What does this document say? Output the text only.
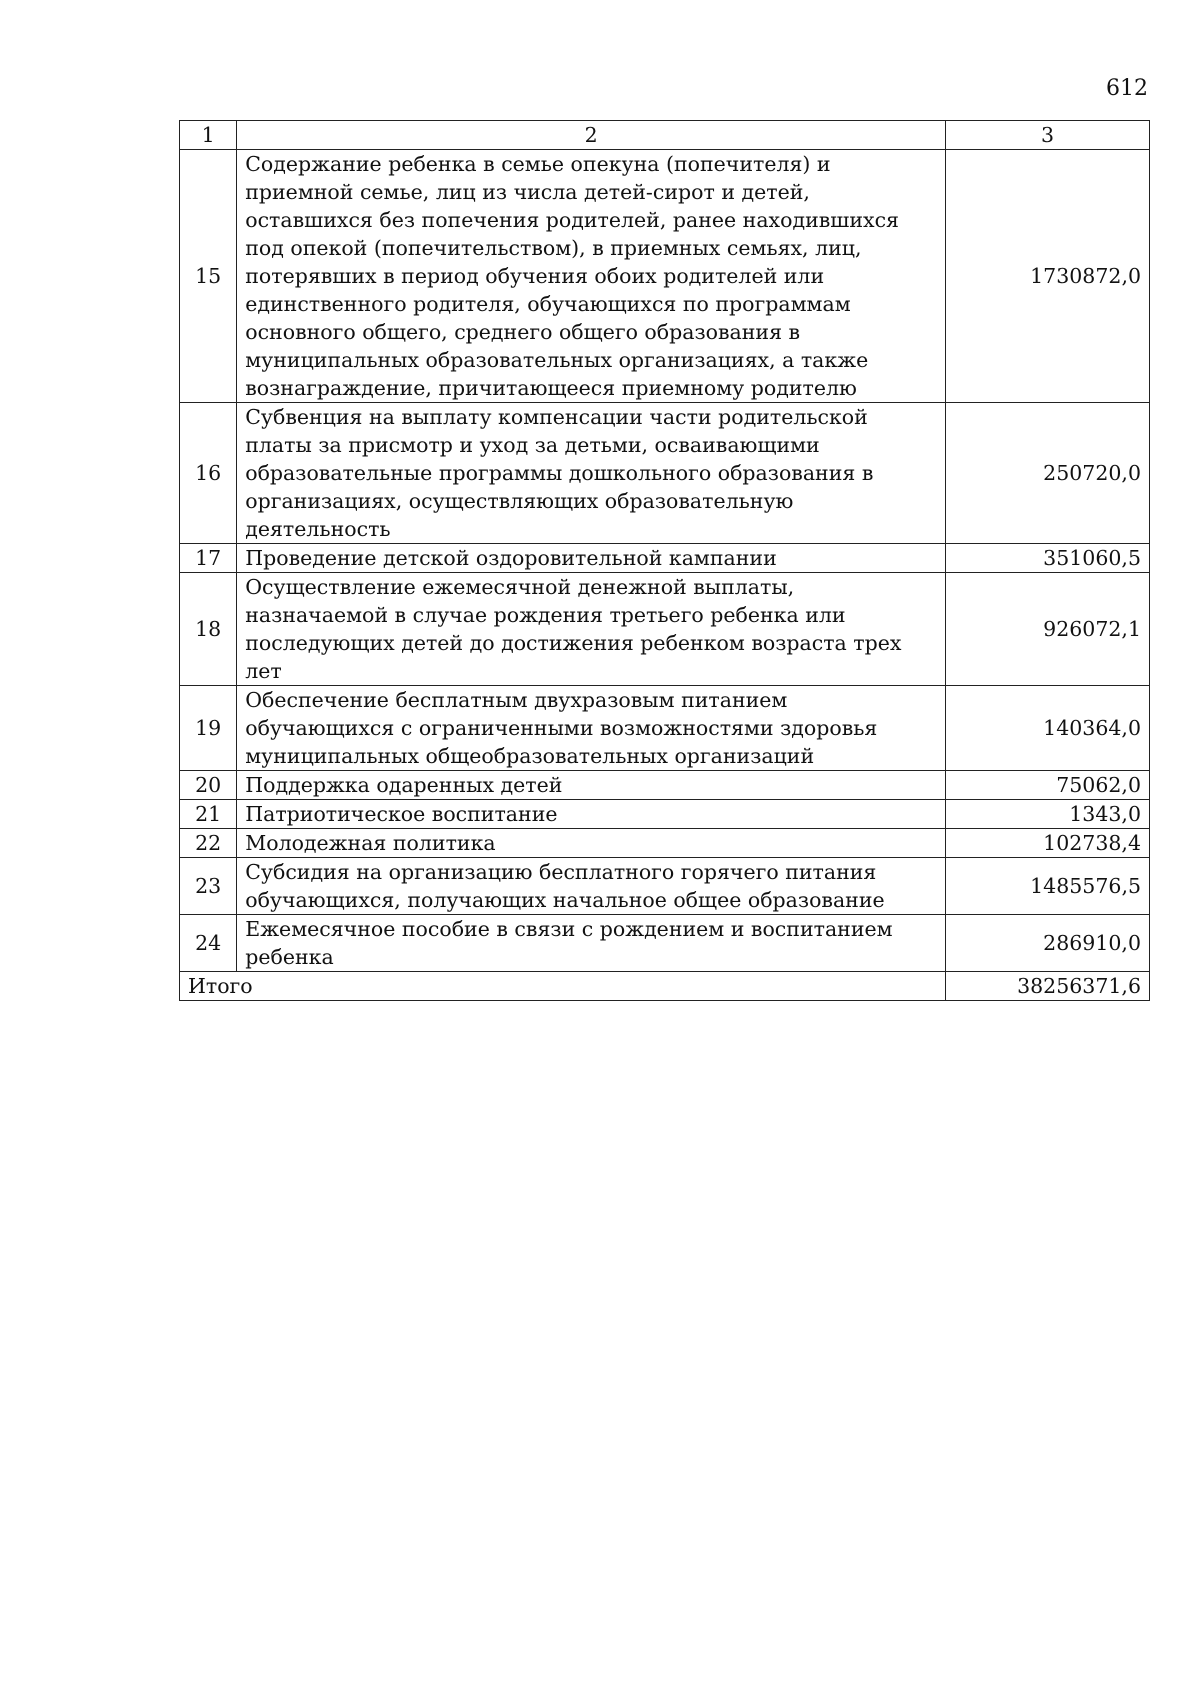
612
1	2	3
15	Содержание ребенка в семье опекуна (попечителя) и приемной семье, лиц из числа детей-сирот и детей, оставшихся без попечения родителей, ранее находившихся под опекой (попечительством), в приемных семьях, лиц, потерявших в период обучения обоих родителей или единственного родителя, обучающихся по программам основного общего, среднего общего образования в муниципальных образовательных организациях, а также вознаграждение, причитающееся приемному родителю	1730872,0
16	Субвенция на выплату компенсации части родительской платы за присмотр и уход за детьми, осваивающими образовательные программы дошкольного образования в организациях, осуществляющих образовательную деятельность	250720,0
17	Проведение детской оздоровительной кампании	351060,5
18	Осуществление ежемесячной денежной выплаты, назначаемой в случае рождения третьего ребенка или последующих детей до достижения ребенком возраста трех лет	926072,1
19	Обеспечение бесплатным двухразовым питанием обучающихся с ограниченными возможностями здоровья муниципальных общеобразовательных организаций	140364,0
20	Поддержка одаренных детей	75062,0
21	Патриотическое воспитание	1343,0
22	Молодежная политика	102738,4
23	Субсидия на организацию бесплатного горячего питания обучающихся, получающих начальное общее образование	1485576,5
24	Ежемесячное пособие в связи с рождением и воспитанием ребенка	286910,0
Итого		38256371,6
